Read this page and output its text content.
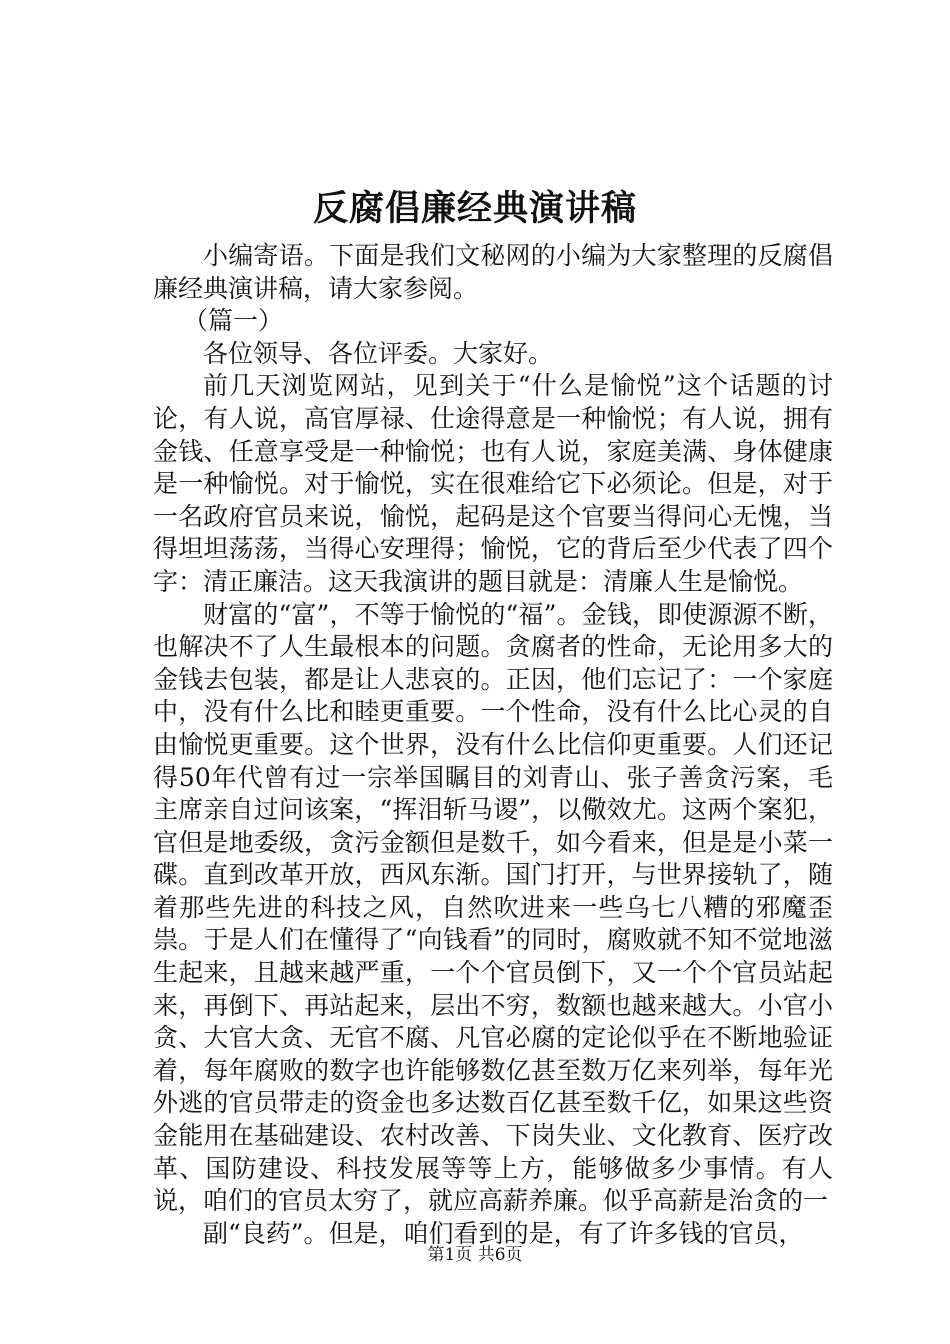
反腐倡廉经典演讲稿

小编寄语。下面是我们文秘网的小编为大家整理的反腐倡廉经典演讲稿，请大家参阅。

（篇一）

各位领导、各位评委。大家好。

前几天浏览网站，见到关于“什么是愉悦”这个话题的讨论，有人说，高官厚禄、仕途得意是一种愉悦；有人说，拥有金钱、任意享受是一种愉悦；也有人说，家庭美满、身体健康是一种愉悦。对于愉悦，实在很难给它下必须论。但是，对于一名政府官员来说，愉悦，起码是这个官要当得问心无愧，当得坦坦荡荡，当得心安理得；愉悦，它的背后至少代表了四个字：清正廉洁。这天我演讲的题目就是：清廉人生是愉悦。

财富的“富”，不等于愉悦的“福”。金钱，即使源源不断，也解决不了人生最根本的问题。贪腐者的性命，无论用多大的金钱去包装，都是让人悲哀的。正因，他们忘记了：一个家庭中，没有什么比和睦更重要。一个性命，没有什么比心灵的自由愉悦更重要。这个世界，没有什么比信仰更重要。人们还记得50年代曾有过一宗举国瞩目的刘青山、张子善贪污案，毛主席亲自过问该案，“挥泪斩马谡”，以儆效尤。这两个案犯，官但是地委级，贪污金额但是数千，如今看来，但是是小菜一碟。直到改革开放，西风东渐。国门打开，与世界接轨了，随着那些先进的科技之风，自然吹进来一些乌七八糟的邪魔歪祟。于是人们在懂得了“向钱看”的同时，腐败就不知不觉地滋生起来，且越来越严重，一个个官员倒下，又一个个官员站起来，再倒下、再站起来，层出不穷，数额也越来越大。小官小贪、大官大贪、无官不腐、凡官必腐的定论似乎在不断地验证着，每年腐败的数字也许能够数亿甚至数万亿来列举，每年光外逃的官员带走的资金也多达数百亿甚至数千亿，如果这些资金能用在基础建设、农村改善、下岗失业、文化教育、医疗改革、国防建设、科技发展等等上方，能够做多少事情。有人说，咱们的官员太穷了，就应高薪养廉。似乎高薪是治贪的一

副“良药”。但是，咱们看到的是，有了许多钱的官员，

第1页 共6页
